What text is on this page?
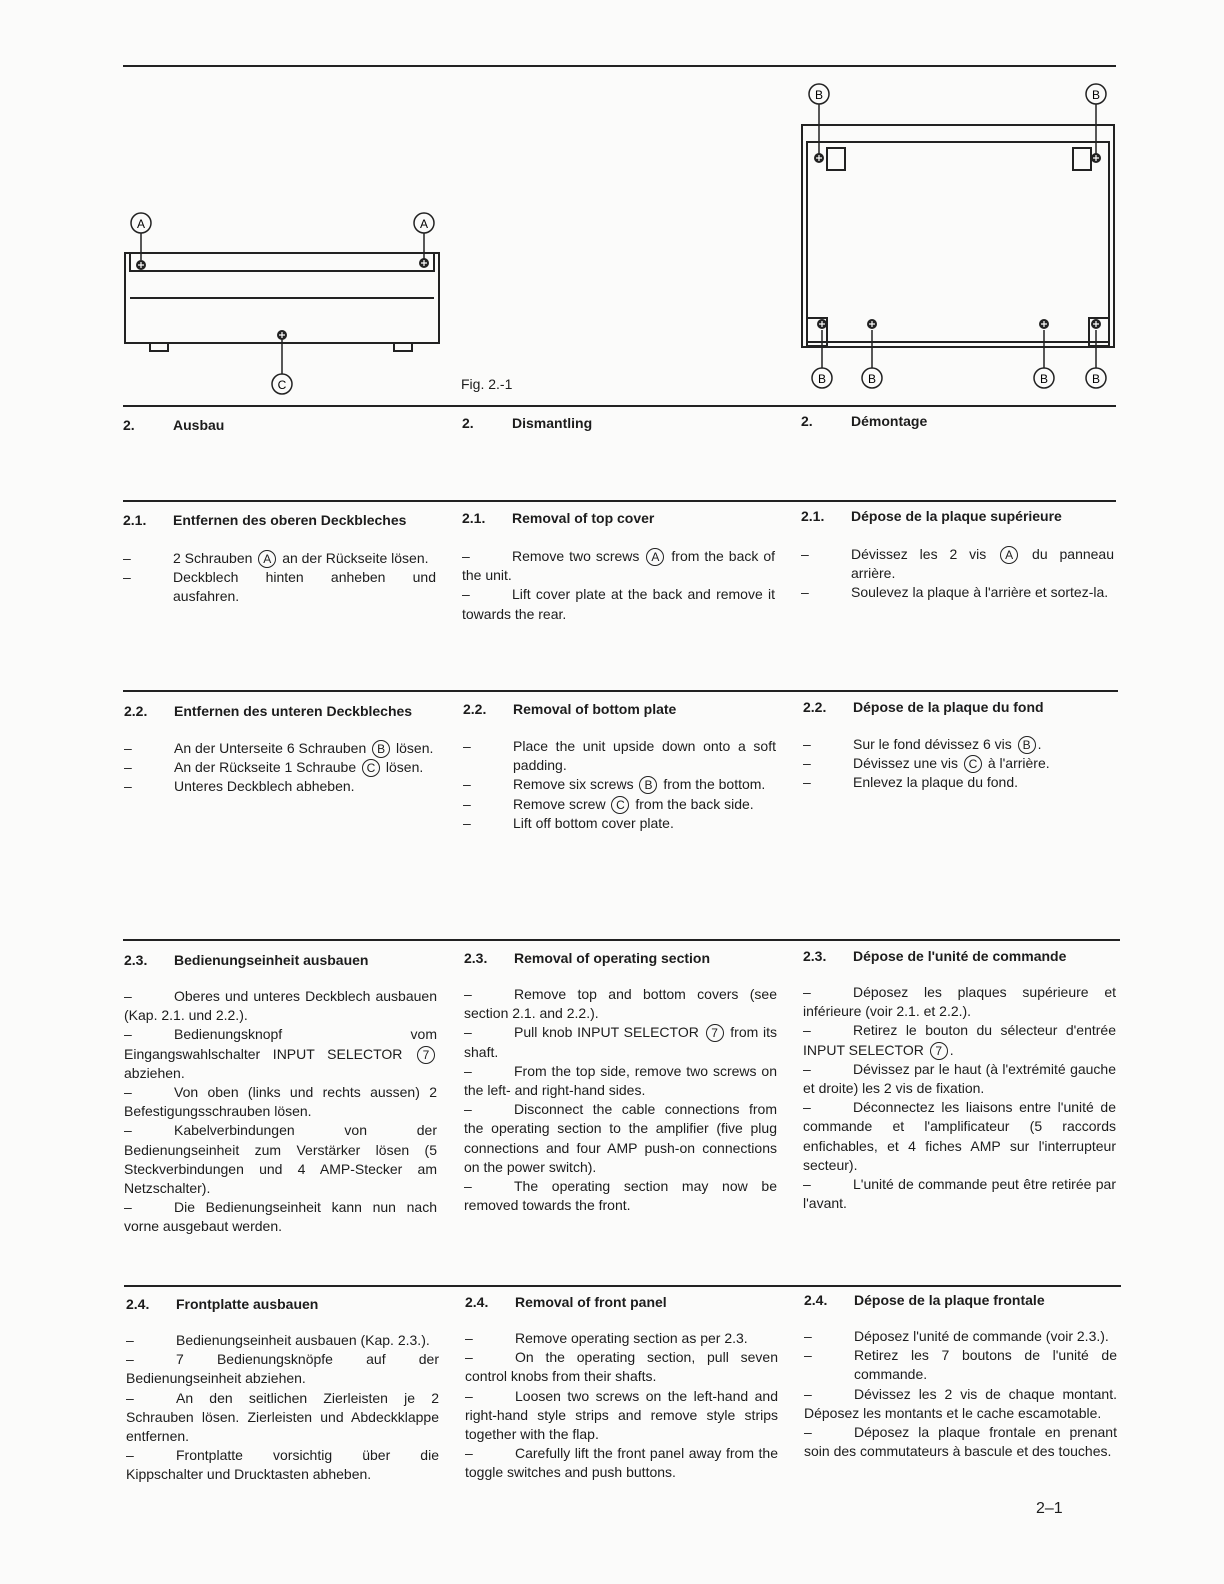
A	A
C	Fig. 2.-1
B	B
B	B	B	B
2.	Ausbau	2.	Dismantling	2.	Démontage
2.1. Entfernen des oberen Deckbleches	2.1. Removal of top cover	2.1. Dépose de la plaque supérieure
–	2 Schrauben A an der Rückseite lösen.
–	Deckblech hinten anheben und ausfahren.
–	Remove two screws A from the back of the unit.
–	Lift cover plate at the back and remove it towards the rear.
–	Dévissez les 2 vis A du panneau arrière.
–	Soulevez la plaque à l'arrière et sortez-la.
2.2. Entfernen des unteren Deckbleches	2.2. Removal of bottom plate	2.2. Dépose de la plaque du fond
–	An der Unterseite 6 Schrauben B lösen.
–	An der Rückseite 1 Schraube C lösen.
–	Unteres Deckblech abheben.
–	Place the unit upside down onto a soft padding.
–	Remove six screws B from the bottom.
–	Remove screw C from the back side.
–	Lift off bottom cover plate.
–	Sur le fond dévissez 6 vis B .
–	Dévissez une vis C à l'arrière.
–	Enlevez la plaque du fond.
2.3. Bedienungseinheit ausbauen	2.3. Removal of operating section	2.3. Dépose de l'unité de commande
–	Oberes und unteres Deckblech ausbauen (Kap. 2.1. und 2.2.).
–	Bedienungsknopf vom Eingangswahlschalter INPUT SELECTOR 7 abziehen.
–	Von oben (links und rechts aussen) 2 Befestigungsschrauben lösen.
–	Kabelverbindungen von der Bedienungseinheit zum Verstärker lösen (5 Steckverbindungen und 4 AMP-Stecker am Netzschalter).
–	Die Bedienungseinheit kann nun nach vorne ausgebaut werden.
–	Remove top and bottom covers (see section 2.1. and 2.2.).
–	Pull knob INPUT SELECTOR 7 from its shaft.
–	From the top side, remove two screws on the left- and right-hand sides.
–	Disconnect the cable connections from the operating section to the amplifier (five plug connections and four AMP push-on connections on the power switch).
–	The operating section may now be removed towards the front.
–	Déposez les plaques supérieure et inférieure (voir 2.1. et 2.2.).
–	Retirez le bouton du sélecteur d'entrée INPUT SELECTOR 7 .
–	Dévissez par le haut (à l'extrémité gauche et droite) les 2 vis de fixation.
–	Déconnectez les liaisons entre l'unité de commande et l'amplificateur (5 raccords enfichables, et 4 fiches AMP sur l'interrupteur secteur).
–	L'unité de commande peut être retirée par l'avant.
2.4. Frontplatte ausbauen	2.4. Removal of front panel	2.4. Dépose de la plaque frontale
–	Bedienungseinheit ausbauen (Kap. 2.3.).
–	7 Bedienungsknöpfe auf der Bedienungseinheit abziehen.
–	An den seitlichen Zierleisten je 2 Schrauben lösen. Zierleisten und Abdeckklappe entfernen.
–	Frontplatte vorsichtig über die Kippschalter und Drucktasten abheben.
–	Remove operating section as per 2.3.
–	On the operating section, pull seven control knobs from their shafts.
–	Loosen two screws on the left-hand and right-hand style strips and remove style strips together with the flap.
–	Carefully lift the front panel away from the toggle switches and push buttons.
–	Déposez l'unité de commande (voir 2.3.).
–	Retirez les 7 boutons de l'unité de commande.
–	Dévissez les 2 vis de chaque montant. Déposez les montants et le cache escamotable.
–	Déposez la plaque frontale en prenant soin des commutateurs à bascule et des touches.
2–1
